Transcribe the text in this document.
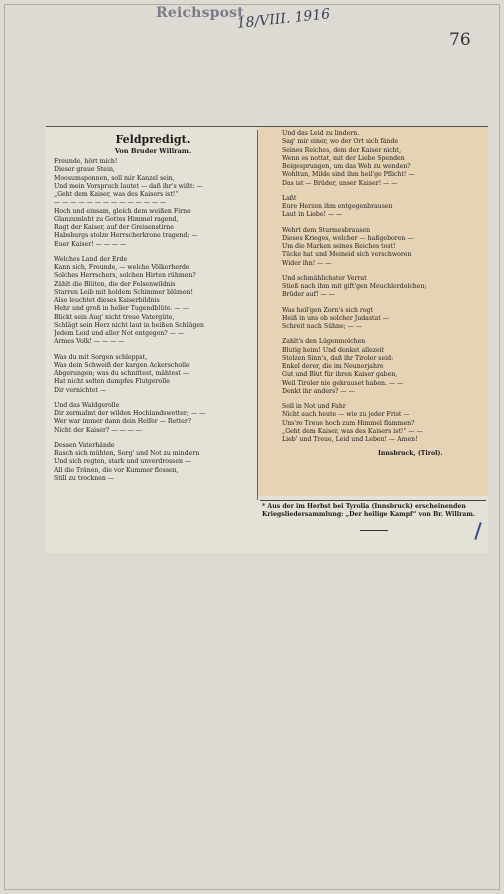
Reichspost
18/VIII. 1916
76
Feldpredigt.
Von Bruder Willram.
Freunde, hört mich!
Dieser graue Stein,
Moosumsponnen, soll mir Kanzel sein,
Und mein Vorspruch lautet — daß ihr's wißt: —
„Geht dem Kaiser, was des Kaisers ist!“
— — — — — — — — — — — — — —
Hoch und einsam, gleich dem weißen Firne
Glanzumloht zu Gottes Himmel ragend,
Ragt der Kaiser, auf der Greisenstirne
Habsburgs stolze Herrscherkrone tragend; —
Euer Kaiser! — — — —
Welches Land der Erde
Kann sich, Freunde, — welche Völkerherde
Solches Herrschers, solchen Hirten rühmen?
Zählt die Blüten, die der Felsenwildnis
Starren Leib mit holdem Schimmer blümen!
Also leuchtet dieses Kaiserbildnis
Hehr und groß in heller Tugendblüte. — —
Blickt sein Aug' nicht treue Vatergüte,
Schlägt sein Herz nicht laut in heißen Schlägen
Jedem Leid und aller Not entgegen? — —
Armes Volk! — — — —
Was du mit Sorgen schleppst,
Was dein Schweiß der kargen Ackerscholle
Abgerungen; was du schnittest, mähtest —
Hat nicht selten dumpfes Flutgerolle
Dir vernichtet —
Und das Waldgerolle
Dir zermalmt der wilden Hochlandswetter; — —
Wer war immer dann dein Helfer — Retter?
Nicht der Kaiser? — — — —
Dessen Vaterhände
Rasch sich mühten, Sorg' und Not zu mindern
Und sich regten, stark und unverdrossen —
All die Tränen, die vor Kummer flossen,
Still zu trocknen —
Und das Leid zu lindern.
Sag' mir einer, wo der Ort sich fände
Seines Reiches, dem der Kaiser nicht,
Wenn es nottat, mit der Liebe Spenden
Beigesprungen, um das Weh zu wenden?
Wohltun, Milde sind ihm heil'ge Pflicht! —
Das ist — Brüder, unser Kaiser! — —
Laßt
Eure Herzen ihm entgegenbrausen
Laut in Liebe! — —
Wehrt dem Sturmesbrausen
Dieses Krieges, welcher — haßgeboren —
Um die Marken seines Reiches tost!
Tücke hat und Meineid sich verschworen
Wider ihn! — —
Und schmählichster Verrat
Stieß nach ihm mit gift'gen Meuchlerdolchen;
Brüder auf! — —
Was heil'gen Zorn's sich regt
Heiß in uns ob solcher Judastat —
Schreit nach Sühne; — —
Zahlt's den Lügenmolchen
Blutig heim! Und denket allezeit
Stolzen Sinn's, daß ihr Tiroler seid:
Enkel derer, die im Neunerjahre
Gut und Blut für ihren Kaiser gaben,
Weil Tiroler nie gekrauset haben. — —
Denkt ihr anders? — —
Soll in Not und Fahr
Nicht auch heute — wie zu jeder Frist —
Uns're Treue hoch zum Himmel flammen?
„Geht dem Kaiser, was des Kaisers ist!“ — —
Lieb' und Treue, Leid und Leben! — Amen!
Innsbruck, (Tirol).
* Aus der im Herbst bei Tyrolia (Innsbruck) erscheinenden Kriegsliedersammlung: „Der heilige Kampf“ von Br. Willram.
